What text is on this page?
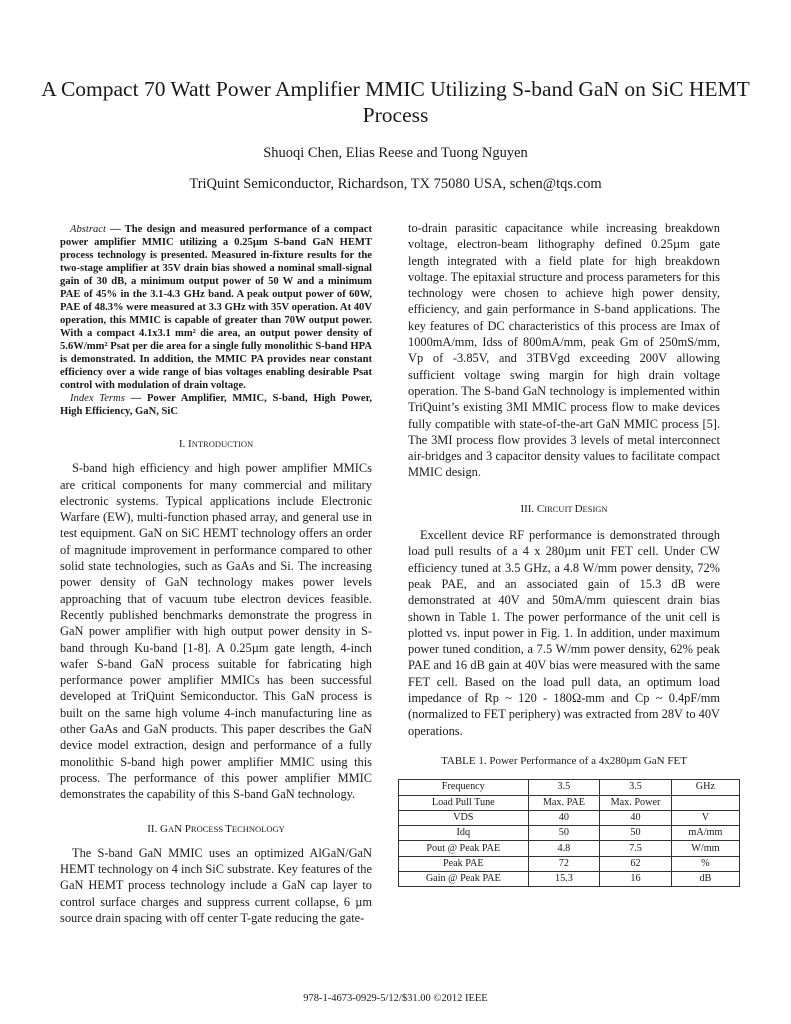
A Compact 70 Watt Power Amplifier MMIC Utilizing S-band GaN on SiC HEMT Process
Shuoqi Chen, Elias Reese and Tuong Nguyen
TriQuint Semiconductor, Richardson, TX 75080 USA, schen@tqs.com

Abstract — The design and measured performance of a compact power amplifier MMIC utilizing a 0.25µm S-band GaN HEMT process technology is presented. Measured in-fixture results for the two-stage amplifier at 35V drain bias showed a nominal small-signal gain of 30 dB, a minimum output power of 50 W and a minimum PAE of 45% in the 3.1-4.3 GHz band. A peak output power of 60W, PAE of 48.3% were measured at 3.3 GHz with 35V operation. At 40V operation, this MMIC is capable of greater than 70W output power. With a compact 4.1x3.1 mm² die area, an output power density of 5.6W/mm² Psat per die area for a single fully monolithic S-band HPA is demonstrated. In addition, the MMIC PA provides near constant efficiency over a wide range of bias voltages enabling desirable Psat control with modulation of drain voltage.

Index Terms — Power Amplifier, MMIC, S-band, High Power, High Efficiency, GaN, SiC

I. INTRODUCTION

S-band high efficiency and high power amplifier MMICs are critical components for many commercial and military electronic systems. Typical applications include Electronic Warfare (EW), multi-function phased array, and general use in test equipment. GaN on SiC HEMT technology offers an order of magnitude improvement in performance compared to other solid state technologies, such as GaAs and Si. The increasing power density of GaN technology makes power levels approaching that of vacuum tube electron devices feasible. Recently published benchmarks demonstrate the progress in GaN power amplifier with high output power density in S-band through Ku-band [1-8]. A 0.25µm gate length, 4-inch wafer S-band GaN process suitable for fabricating high performance power amplifier MMICs has been successful developed at TriQuint Semiconductor. This GaN process is built on the same high volume 4-inch manufacturing line as other GaAs and GaN products. This paper describes the GaN device model extraction, design and performance of a fully monolithic S-band high power amplifier MMIC using this process. The performance of this power amplifier MMIC demonstrates the capability of this S-band GaN technology.

II. GAN PROCESS TECHNOLOGY

The S-band GaN MMIC uses an optimized AlGaN/GaN HEMT technology on 4 inch SiC substrate. Key features of the GaN HEMT process technology include a GaN cap layer to control surface charges and suppress current collapse, 6 µm source drain spacing with off center T-gate reducing the gate-

to-drain parasitic capacitance while increasing breakdown voltage, electron-beam lithography defined 0.25µm gate length integrated with a field plate for high breakdown voltage. The epitaxial structure and process parameters for this technology were chosen to achieve high power density, efficiency, and gain performance in S-band applications. The key features of DC characteristics of this process are Imax of 1000mA/mm, Idss of 800mA/mm, peak Gm of 250mS/mm, Vp of -3.85V, and 3TBVgd exceeding 200V allowing sufficient voltage swing margin for high drain voltage operation. The S-band GaN technology is implemented within TriQuint’s existing 3MI MMIC process flow to make devices fully compatible with state-of-the-art GaN MMIC process [5]. The 3MI process flow provides 3 levels of metal interconnect air-bridges and 3 capacitor density values to facilitate compact MMIC design.

III. CIRCUIT DESIGN

Excellent device RF performance is demonstrated through load pull results of a 4 x 280µm unit FET cell. Under CW efficiency tuned at 3.5 GHz, a 4.8 W/mm power density, 72% peak PAE, and an associated gain of 15.3 dB were demonstrated at 40V and 50mA/mm quiescent drain bias shown in Table 1. The power performance of the unit cell is plotted vs. input power in Fig. 1. In addition, under maximum power tuned condition, a 7.5 W/mm power density, 62% peak PAE and 16 dB gain at 40V bias were measured with the same FET cell. Based on the load pull data, an optimum load impedance of Rp ~ 120 - 180Ω-mm and Cp ~ 0.4pF/mm (normalized to FET periphery) was extracted from 28V to 40V operations.

TABLE 1. Power Performance of a 4x280µm GaN FET

Frequency	3.5	3.5	GHz
Load Pull Tune	Max. PAE	Max. Power	
VDS	40	40	V
Idq	50	50	mA/mm
Pout @ Peak PAE	4.8	7.5	W/mm
Peak PAE	72	62	%
Gain @ Peak PAE	15.3	16	dB
978-1-4673-0929-5/12/$31.00 ©2012 IEEE
